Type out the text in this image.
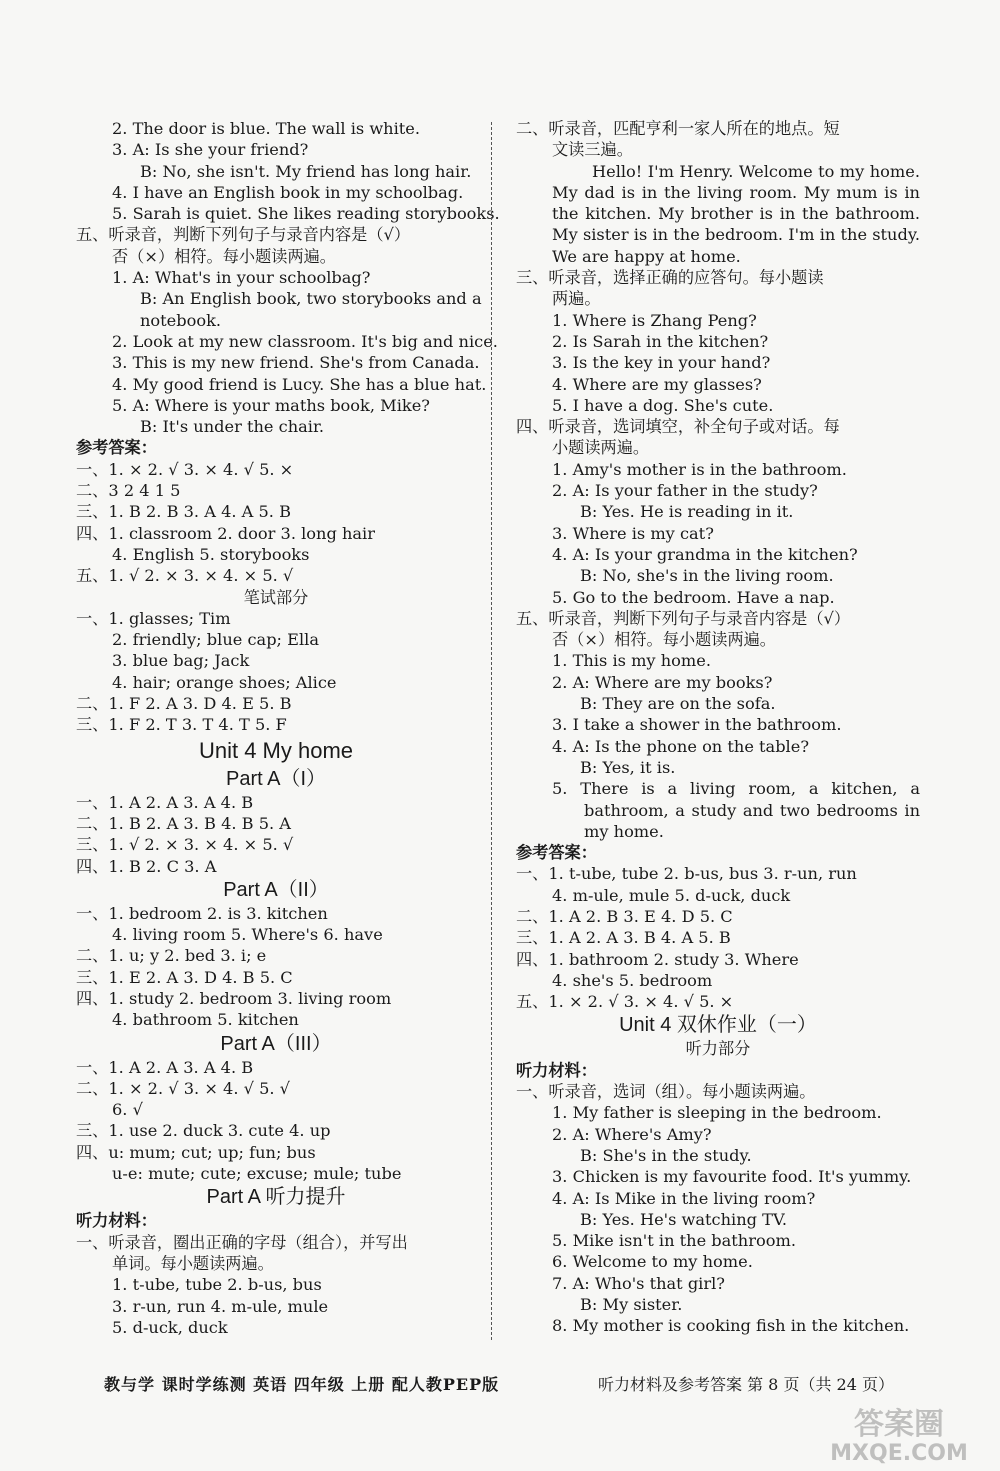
2. The door is blue. The wall is white.
3. A: Is she your friend?
B: No, she isn't. My friend has long hair.
4. I have an English book in my schoolbag.
5. Sarah is quiet. She likes reading storybooks.
五、听录音，判断下列句子与录音内容是（√）
否（×）相符。每小题读两遍。
1. A: What's in your schoolbag?
B: An English book, two storybooks and a
notebook.
2. Look at my new classroom. It's big and nice.
3. This is my new friend. She's from Canada.
4. My good friend is Lucy. She has a blue hat.
5. A: Where is your maths book, Mike?
B: It's under the chair.
参考答案：
一、1. × 2. √ 3. × 4. √ 5. ×
二、3 2 4 1 5
三、1. B 2. B 3. A 4. A 5. B
四、1. classroom 2. door 3. long hair
4. English 5. storybooks
五、1. √ 2. × 3. × 4. × 5. √
笔试部分
一、1. glasses; Tim
2. friendly; blue cap; Ella
3. blue bag; Jack
4. hair; orange shoes; Alice
二、1. F 2. A 3. D 4. E 5. B
三、1. F 2. T 3. T 4. T 5. F
Unit 4 My home
Part A（I）
一、1. A 2. A 3. A 4. B
二、1. B 2. A 3. B 4. B 5. A
三、1. √ 2. × 3. × 4. × 5. √
四、1. B 2. C 3. A
Part A（II）
一、1. bedroom 2. is 3. kitchen
4. living room 5. Where's 6. have
二、1. u; y 2. bed 3. i; e
三、1. E 2. A 3. D 4. B 5. C
四、1. study 2. bedroom 3. living room
4. bathroom 5. kitchen
Part A（III）
一、1. A 2. A 3. A 4. B
二、1. × 2. √ 3. × 4. √ 5. √
6. √
三、1. use 2. duck 3. cute 4. up
四、u: mum; cut; up; fun; bus
u-e: mute; cute; excuse; mule; tube
Part A 听力提升
听力材料：
一、听录音，圈出正确的字母（组合），并写出
单词。每小题读两遍。
1. t-ube, tube 2. b-us, bus
3. r-un, run 4. m-ule, mule
5. d-uck, duck
二、听录音，匹配亨利一家人所在的地点。短
文读三遍。
Hello! I'm Henry. Welcome to my home. My dad is in the living room. My mum is in the kitchen. My brother is in the bathroom. My sister is in the bedroom. I'm in the study. We are happy at home.
三、听录音，选择正确的应答句。每小题读
两遍。
1. Where is Zhang Peng?
2. Is Sarah in the kitchen?
3. Is the key in your hand?
4. Where are my glasses?
5. I have a dog. She's cute.
四、听录音，选词填空，补全句子或对话。每
小题读两遍。
1. Amy's mother is in the bathroom.
2. A: Is your father in the study?
B: Yes. He is reading in it.
3. Where is my cat?
4. A: Is your grandma in the kitchen?
B: No, she's in the living room.
5. Go to the bedroom. Have a nap.
五、听录音，判断下列句子与录音内容是（√）
否（×）相符。每小题读两遍。
1. This is my home.
2. A: Where are my books?
B: They are on the sofa.
3. I take a shower in the bathroom.
4. A: Is the phone on the table?
B: Yes, it is.
5. There is a living room, a kitchen, a bathroom, a study and two bedrooms in my home.
参考答案：
一、1. t-ube, tube 2. b-us, bus 3. r-un, run
4. m-ule, mule 5. d-uck, duck
二、1. A 2. B 3. E 4. D 5. C
三、1. A 2. A 3. B 4. A 5. B
四、1. bathroom 2. study 3. Where
4. she's 5. bedroom
五、1. × 2. √ 3. × 4. √ 5. ×
Unit 4 双休作业（一）
听力部分
听力材料：
一、听录音，选词（组）。每小题读两遍。
1. My father is sleeping in the bedroom.
2. A: Where's Amy?
B: She's in the study.
3. Chicken is my favourite food. It's yummy.
4. A: Is Mike in the living room?
B: Yes. He's watching TV.
5. Mike isn't in the bathroom.
6. Welcome to my home.
7. A: Who's that girl?
B: My sister.
8. My mother is cooking fish in the kitchen.
教与学 课时学练测 英语 四年级 上册 配人教PEP版	听力材料及参考答案 第 8 页（共 24 页）
答案圈
MXQE.COM
